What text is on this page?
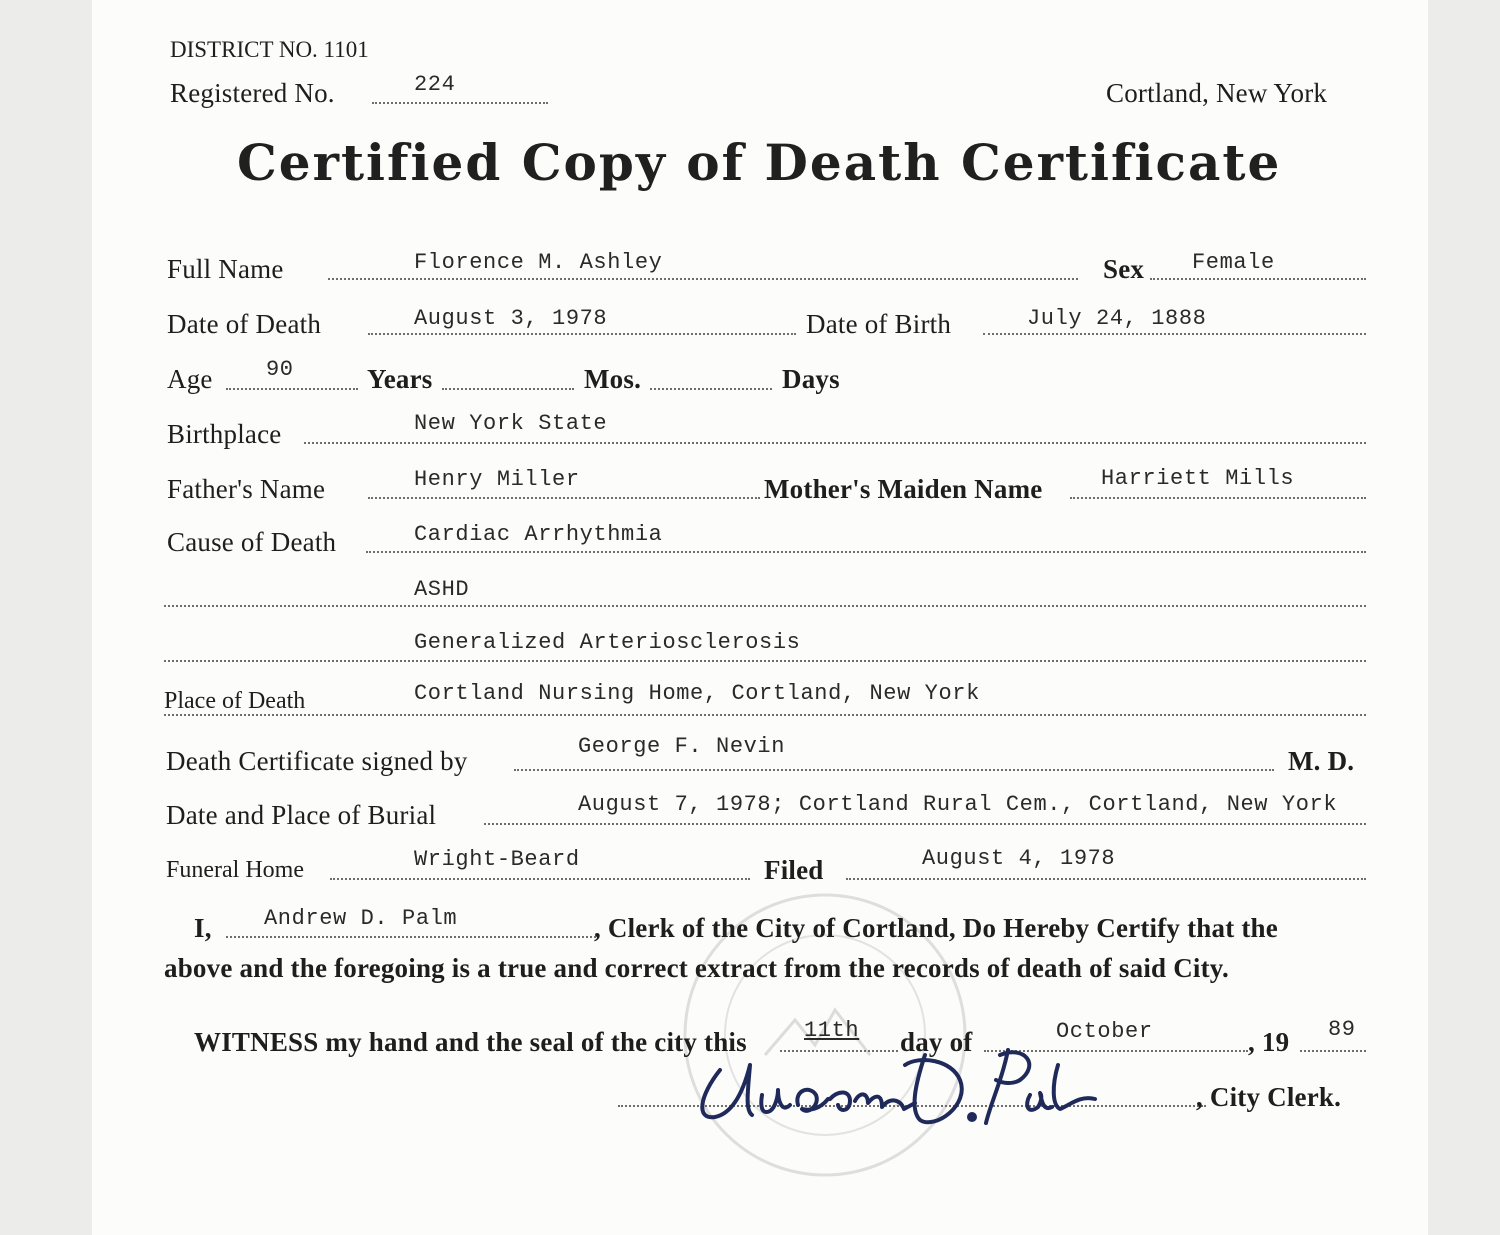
DISTRICT NO. 1101
Registered No.	224	Cortland, New York
Certified Copy of Death Certificate
Full Name	Florence M. Ashley	Sex Female
Date of Death	August 3, 1978	Date of Birth	July 24, 1888
Age 90	Years	Mos.	Days
Birthplace	New York State
Father's Name	Henry Miller	Mother's Maiden Name	Harriett Mills
Cause of Death	Cardiac Arrhythmia
ASHD
Generalized Arteriosclerosis
Place of Death	Cortland Nursing Home, Cortland, New York
Death Certificate signed by	George F. Nevin	M. D.
Date and Place of Burial	August 7, 1978; Cortland Rural Cem., Cortland, New York
Funeral Home	Wright-Beard	Filed	August 4, 1978
I, Andrew D. Palm	, Clerk of the City of Cortland, Do Hereby Certify that the
above and the foregoing is a true and correct extract from the records of death of said City.
WITNESS my hand and the seal of the city this	11th day of	October	, 19 89
, City Clerk.
